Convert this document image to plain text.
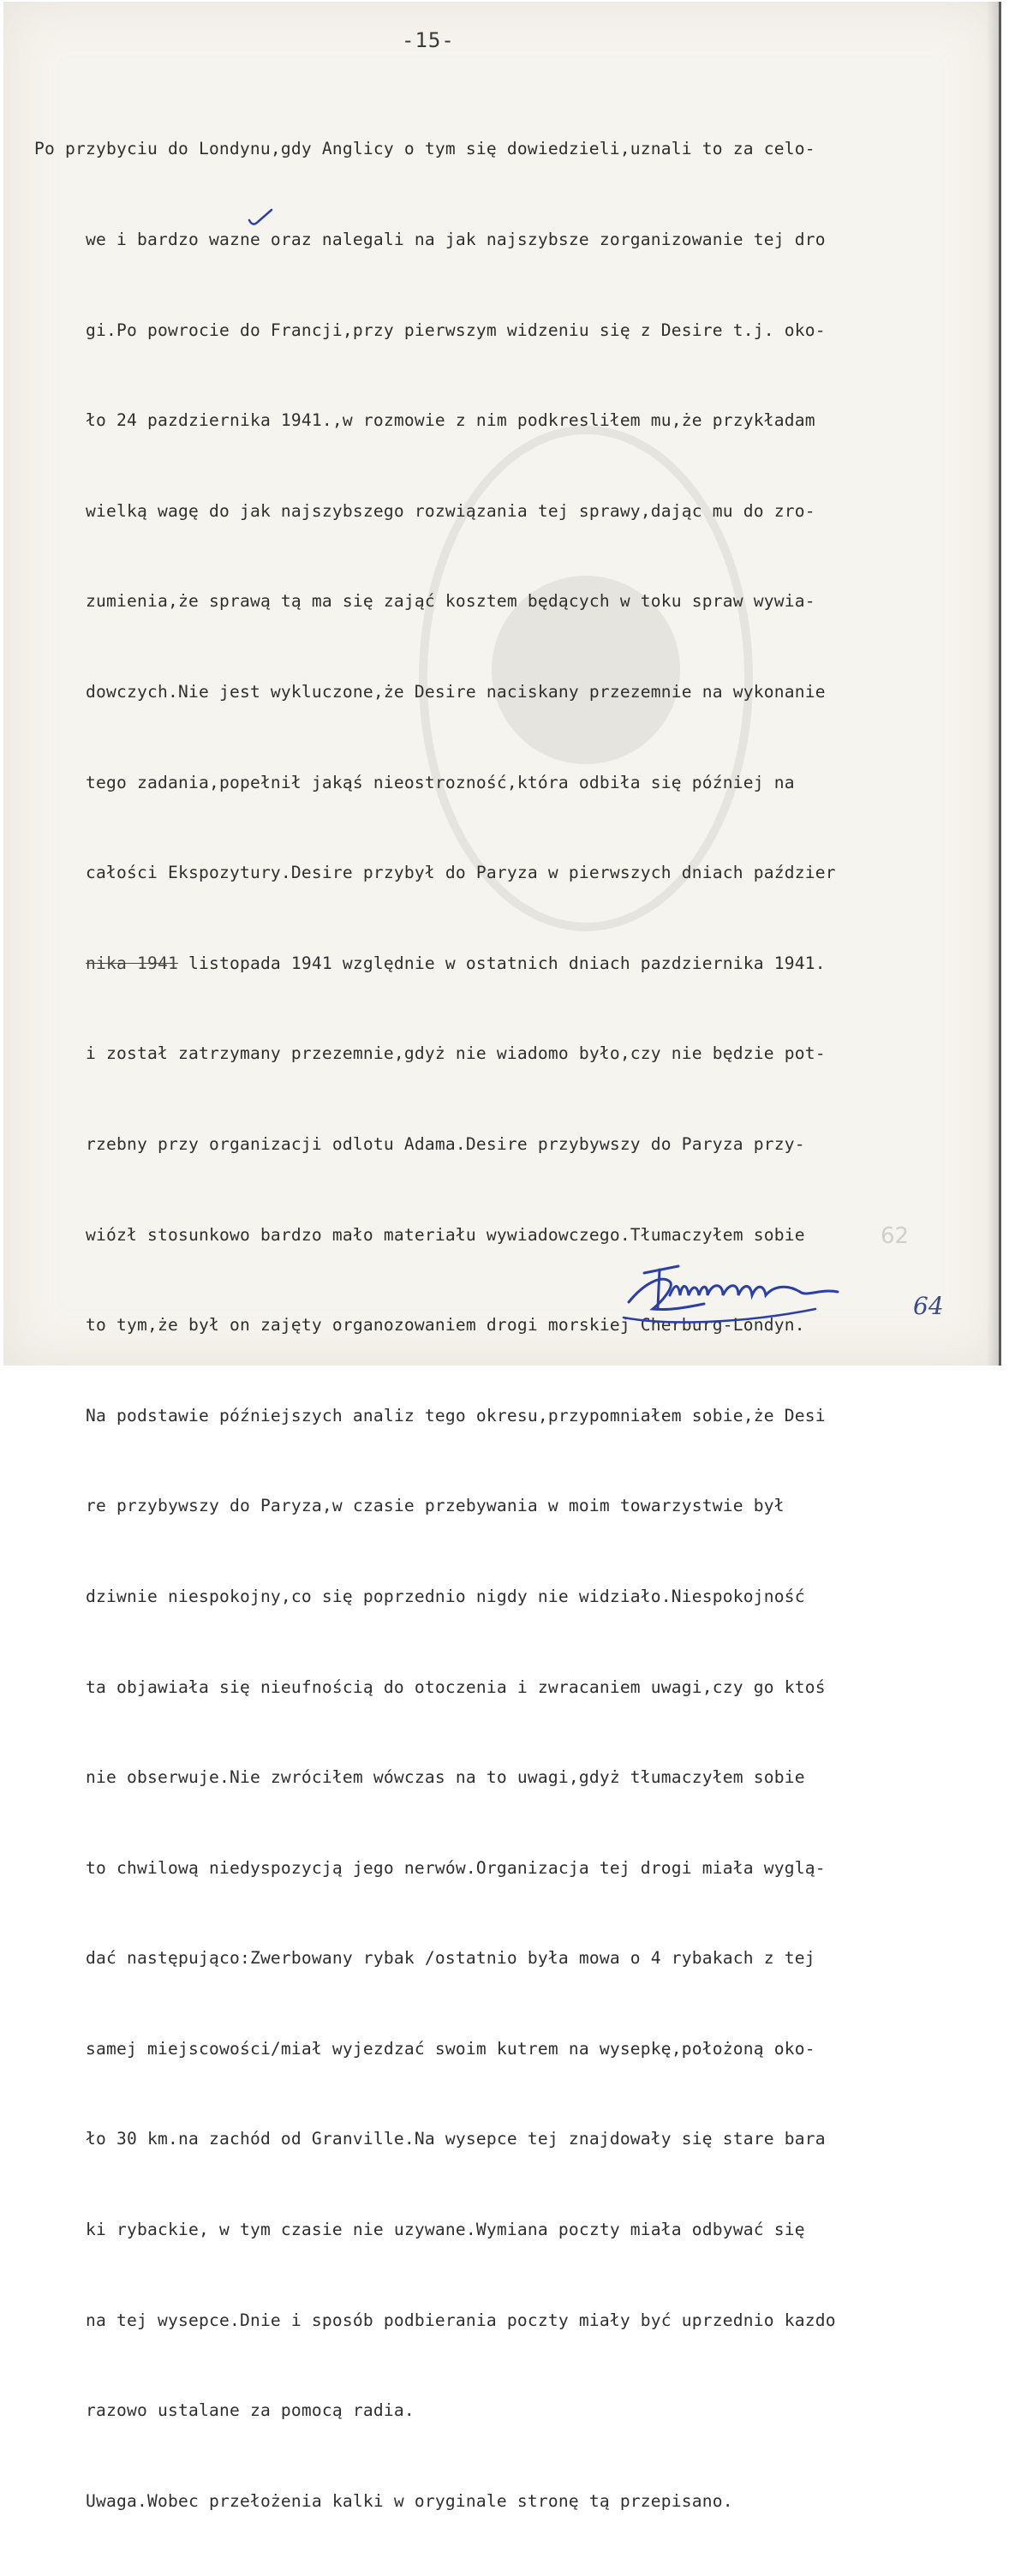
-15-

Po przybyciu do Londynu,gdy Anglicy o tym się dowiedzieli,uznali to za celo-

we i bardzo wazne oraz nalegali na jak najszybsze zorganizowanie tej dro

gi.Po powrocie do Francji,przy pierwszym widzeniu się z Desire t.j. oko-

ło 24 pazdziernika 1941.,w rozmowie z nim podkresliłem mu,że przykładam

wielką wagę do jak najszybszego rozwiązania tej sprawy,dając mu do zro-

zumienia,że sprawą tą ma się zająć kosztem będących w toku spraw wywia-

dowczych.Nie jest wykluczone,że Desire naciskany przezemnie na wykonanie

tego zadania,popełnił jakąś nieostrozność,która odbiła się później na

całości Ekspozytury.Desire przybył do Paryza w pierwszych dniach paździer

nika 1941 listopada 1941 względnie w ostatnich dniach pazdziernika 1941.

i został zatrzymany przezemnie,gdyż nie wiadomo było,czy nie będzie pot-

rzebny przy organizacji odlotu Adama.Desire przybywszy do Paryza przy-

wiózł stosunkowo bardzo mało materiału wywiadowczego.Tłumaczyłem sobie

to tym,że był on zajęty organozowaniem drogi morskiej Cherburg-Londyn.

Na podstawie późniejszych analiz tego okresu,przypomniałem sobie,że Desi

re przybywszy do Paryza,w czasie przebywania w moim towarzystwie był

dziwnie niespokojny,co się poprzednio nigdy nie widziało.Niespokojność

ta objawiała się nieufnością do otoczenia i zwracaniem uwagi,czy go ktoś

nie obserwuje.Nie zwróciłem wówczas na to uwagi,gdyż tłumaczyłem sobie

to chwilową niedyspozycją jego nerwów.Organizacja tej drogi miała wyglą-

dać następująco:Zwerbowany rybak /ostatnio była mowa o 4 rybakach z tej

samej miejscowości/miał wyjezdzać swoim kutrem na wysepkę,położoną oko-

ło 30 km.na zachód od Granville.Na wysepce tej znajdowały się stare bara

ki rybackie, w tym czasie nie uzywane.Wymiana poczty miała odbywać się

na tej wysepce.Dnie i sposób podbierania poczty miały być uprzednio kazdo

razowo ustalane za pomocą radia.

Uwaga.Wobec przełożenia kalki w oryginale stronę tą przepisano.

62
64
